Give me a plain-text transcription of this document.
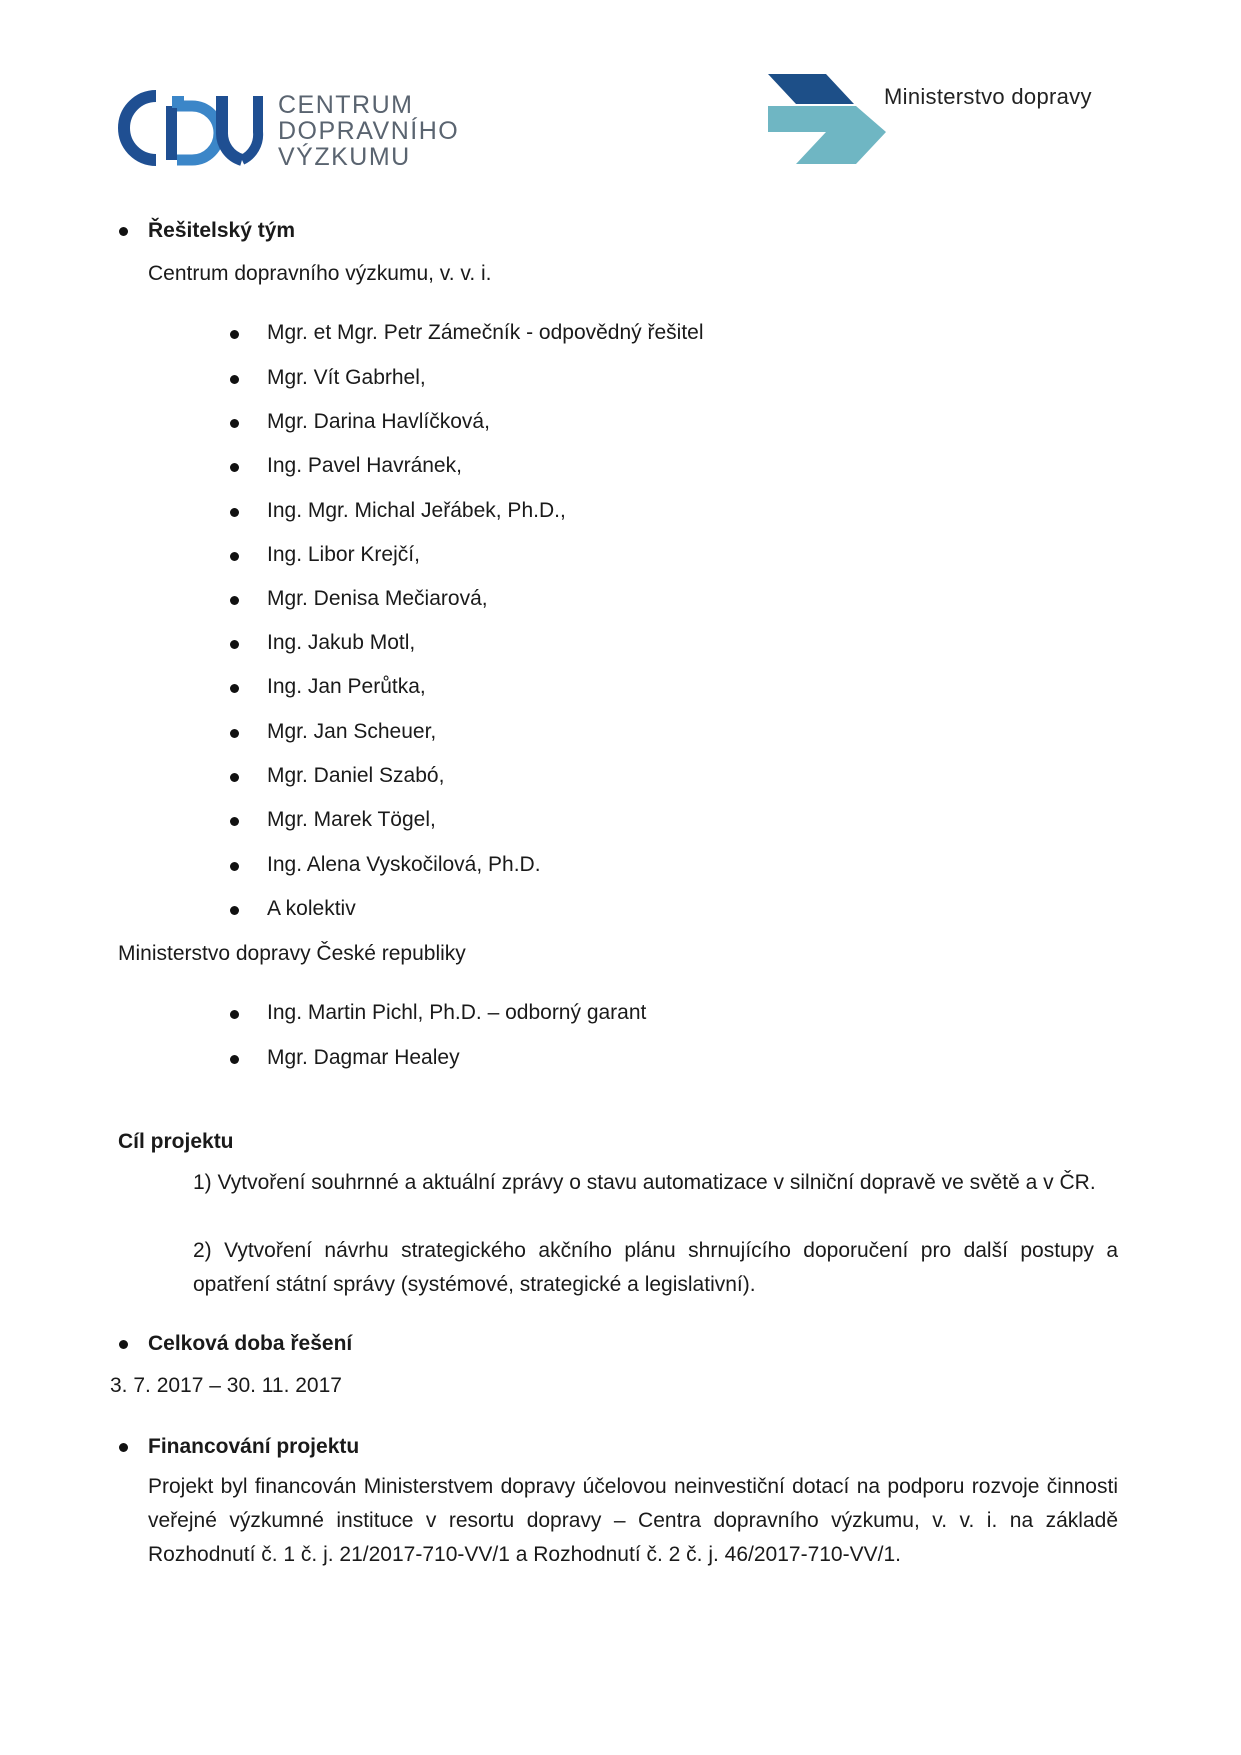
CENTRUM
DOPRAVNÍHO
VÝZKUMU
Ministerstvo dopravy
Řešitelský tým
Centrum dopravního výzkumu, v. v. i.
Mgr. et Mgr. Petr Zámečník - odpovědný řešitel
Mgr. Vít Gabrhel,
Mgr. Darina Havlíčková,
Ing. Pavel Havránek,
Ing. Mgr. Michal Jeřábek, Ph.D.,
Ing. Libor Krejčí,
Mgr. Denisa Mečiarová,
Ing. Jakub Motl,
Ing. Jan Perůtka,
Mgr. Jan Scheuer,
Mgr. Daniel Szabó,
Mgr. Marek Tögel,
Ing. Alena Vyskočilová, Ph.D.
A kolektiv
Ministerstvo dopravy České republiky
Ing. Martin Pichl, Ph.D. – odborný garant
Mgr. Dagmar Healey
Cíl projektu
1) Vytvoření souhrnné a aktuální zprávy o stavu automatizace v silniční dopravě ve světě a v ČR.
2) Vytvoření návrhu strategického akčního plánu shrnujícího doporučení pro další postupy a opatření státní správy (systémové, strategické a legislativní).
Celková doba řešení
3. 7. 2017 – 30. 11. 2017
Financování projektu
Projekt byl financován Ministerstvem dopravy účelovou neinvestiční dotací na podporu rozvoje činnosti veřejné výzkumné instituce v resortu dopravy – Centra dopravního výzkumu, v. v. i. na základě Rozhodnutí č. 1 č. j. 21/2017-710-VV/1 a Rozhodnutí č. 2 č. j. 46/2017-710-VV/1.
